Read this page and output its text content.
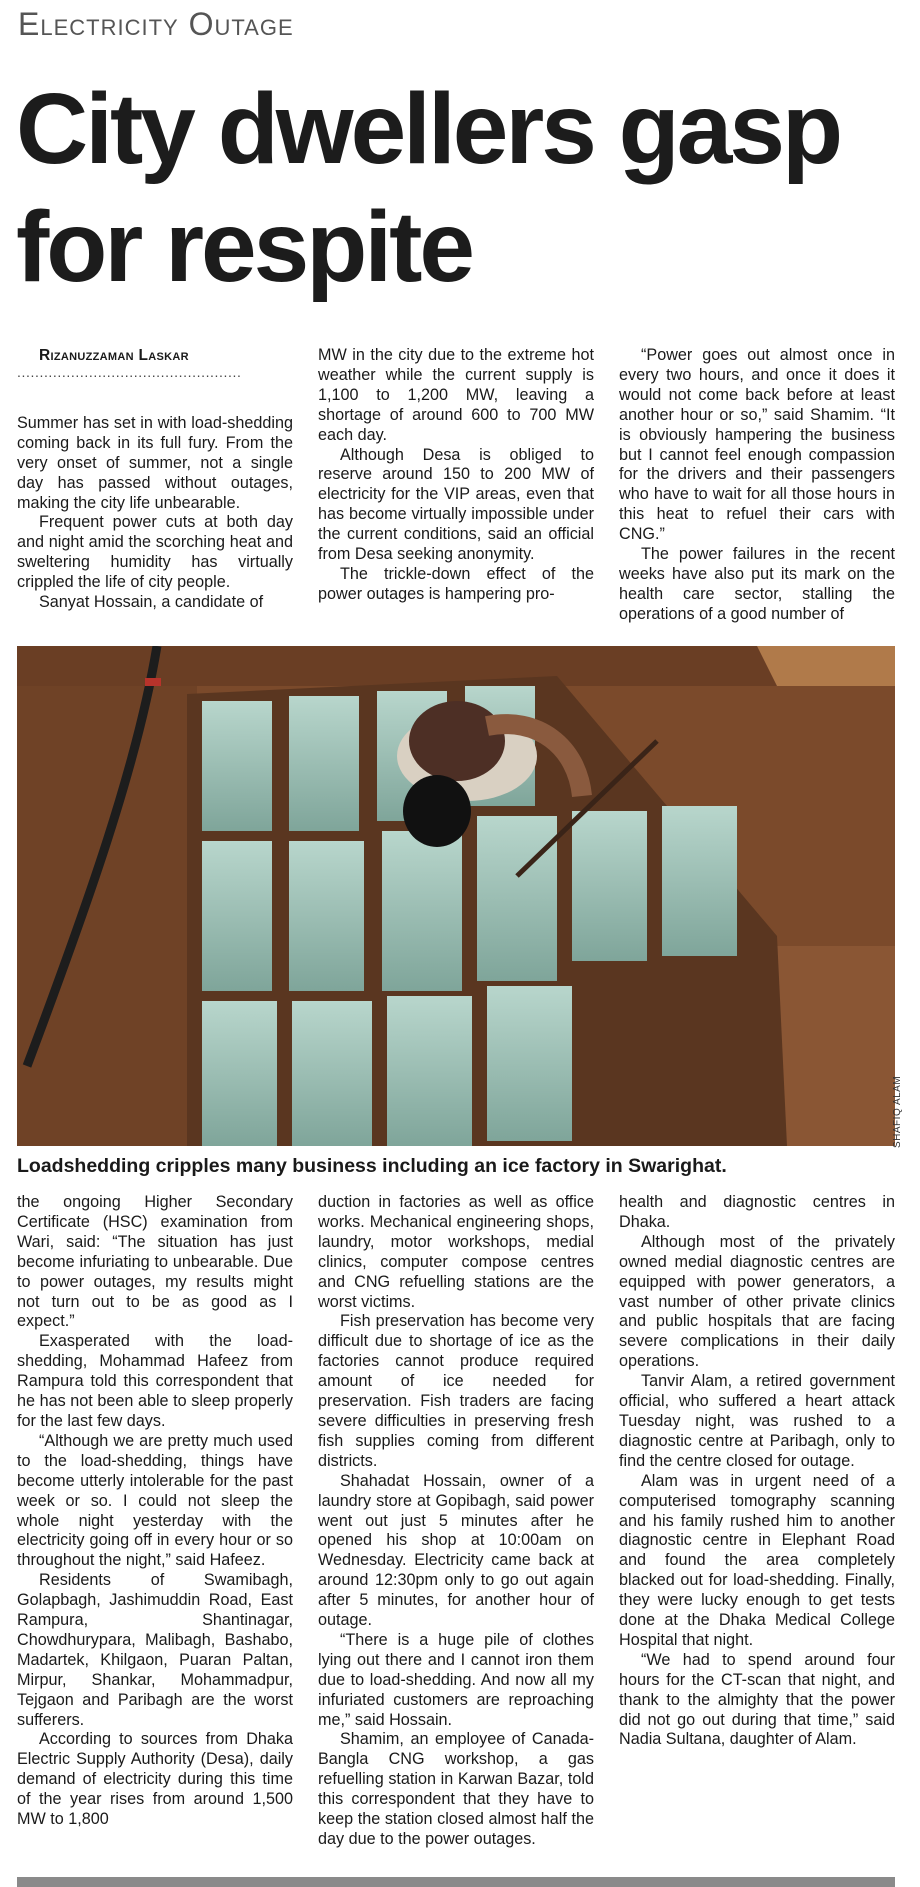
Electricity Outage
City dwellers gasp for respite

Rizanuzzaman Laskar

..................................................

Summer has set in with load-shedding coming back in its full fury. From the very onset of summer, not a single day has passed without outages, making the city life unbearable.

Frequent power cuts at both day and night amid the scorching heat and sweltering humidity has virtually crippled the life of city people.

Sanyat Hossain, a candidate of

MW in the city due to the extreme hot weather while the current supply is 1,100 to 1,200 MW, leaving a shortage of around 600 to 700 MW each day.

Although Desa is obliged to reserve around 150 to 200 MW of electricity for the VIP areas, even that has become virtually impossible under the current conditions, said an official from Desa seeking anonymity.

The trickle-down effect of the power outages is hampering pro-

“Power goes out almost once in every two hours, and once it does it would not come back before at least another hour or so,” said Shamim. “It is obviously hampering the business but I cannot feel enough compassion for the drivers and their passengers who have to wait for all those hours in this heat to refuel their cars with CNG.”

The power failures in the recent weeks have also put its mark on the health care sector, stalling the operations of a good number of

SHAFIQ ALAM

Loadshedding cripples many business including an ice factory in Swarighat.

the ongoing Higher Secondary Certificate (HSC) examination from Wari, said: “The situation has just become infuriating to unbearable. Due to power outages, my results might not turn out to be as good as I expect.”

Exasperated with the load-shedding, Mohammad Hafeez from Rampura told this correspondent that he has not been able to sleep properly for the last few days.

“Although we are pretty much used to the load-shedding, things have become utterly intolerable for the past week or so. I could not sleep the whole night yesterday with the electricity going off in every hour or so throughout the night,” said Hafeez.

Residents of Swamibagh, Golapbagh, Jashimuddin Road, East Rampura, Shantinagar, Chowdhurypara, Malibagh, Bashabo, Madartek, Khilgaon, Puaran Paltan, Mirpur, Shankar, Mohammadpur, Tejgaon and Paribagh are the worst sufferers.

According to sources from Dhaka Electric Supply Authority (Desa), daily demand of electricity during this time of the year rises from around 1,500 MW to 1,800

duction in factories as well as office works. Mechanical engineering shops, laundry, motor workshops, medial clinics, computer compose centres and CNG refuelling stations are the worst victims.

Fish preservation has become very difficult due to shortage of ice as the factories cannot produce required amount of ice needed for preservation. Fish traders are facing severe difficulties in preserving fresh fish supplies coming from different districts.

Shahadat Hossain, owner of a laundry store at Gopibagh, said power went out just 5 minutes after he opened his shop at 10:00am on Wednesday. Electricity came back at around 12:30pm only to go out again after 5 minutes, for another hour of outage.

“There is a huge pile of clothes lying out there and I cannot iron them due to load-shedding. And now all my infuriated customers are reproaching me,” said Hossain.

Shamim, an employee of Canada-Bangla CNG workshop, a gas refuelling station in Karwan Bazar, told this correspondent that they have to keep the station closed almost half the day due to the power outages.

health and diagnostic centres in Dhaka.

Although most of the privately owned medial diagnostic centres are equipped with power generators, a vast number of other private clinics and public hospitals that are facing severe complications in their daily operations.

Tanvir Alam, a retired government official, who suffered a heart attack Tuesday night, was rushed to a diagnostic centre at Paribagh, only to find the centre closed for outage.

Alam was in urgent need of a computerised tomography scanning and his family rushed him to another diagnostic centre in Elephant Road and found the area completely blacked out for load-shedding. Finally, they were lucky enough to get tests done at the Dhaka Medical College Hospital that night.

“We had to spend around four hours for the CT-scan that night, and thank to the almighty that the power did not go out during that time,” said Nadia Sultana, daughter of Alam.
